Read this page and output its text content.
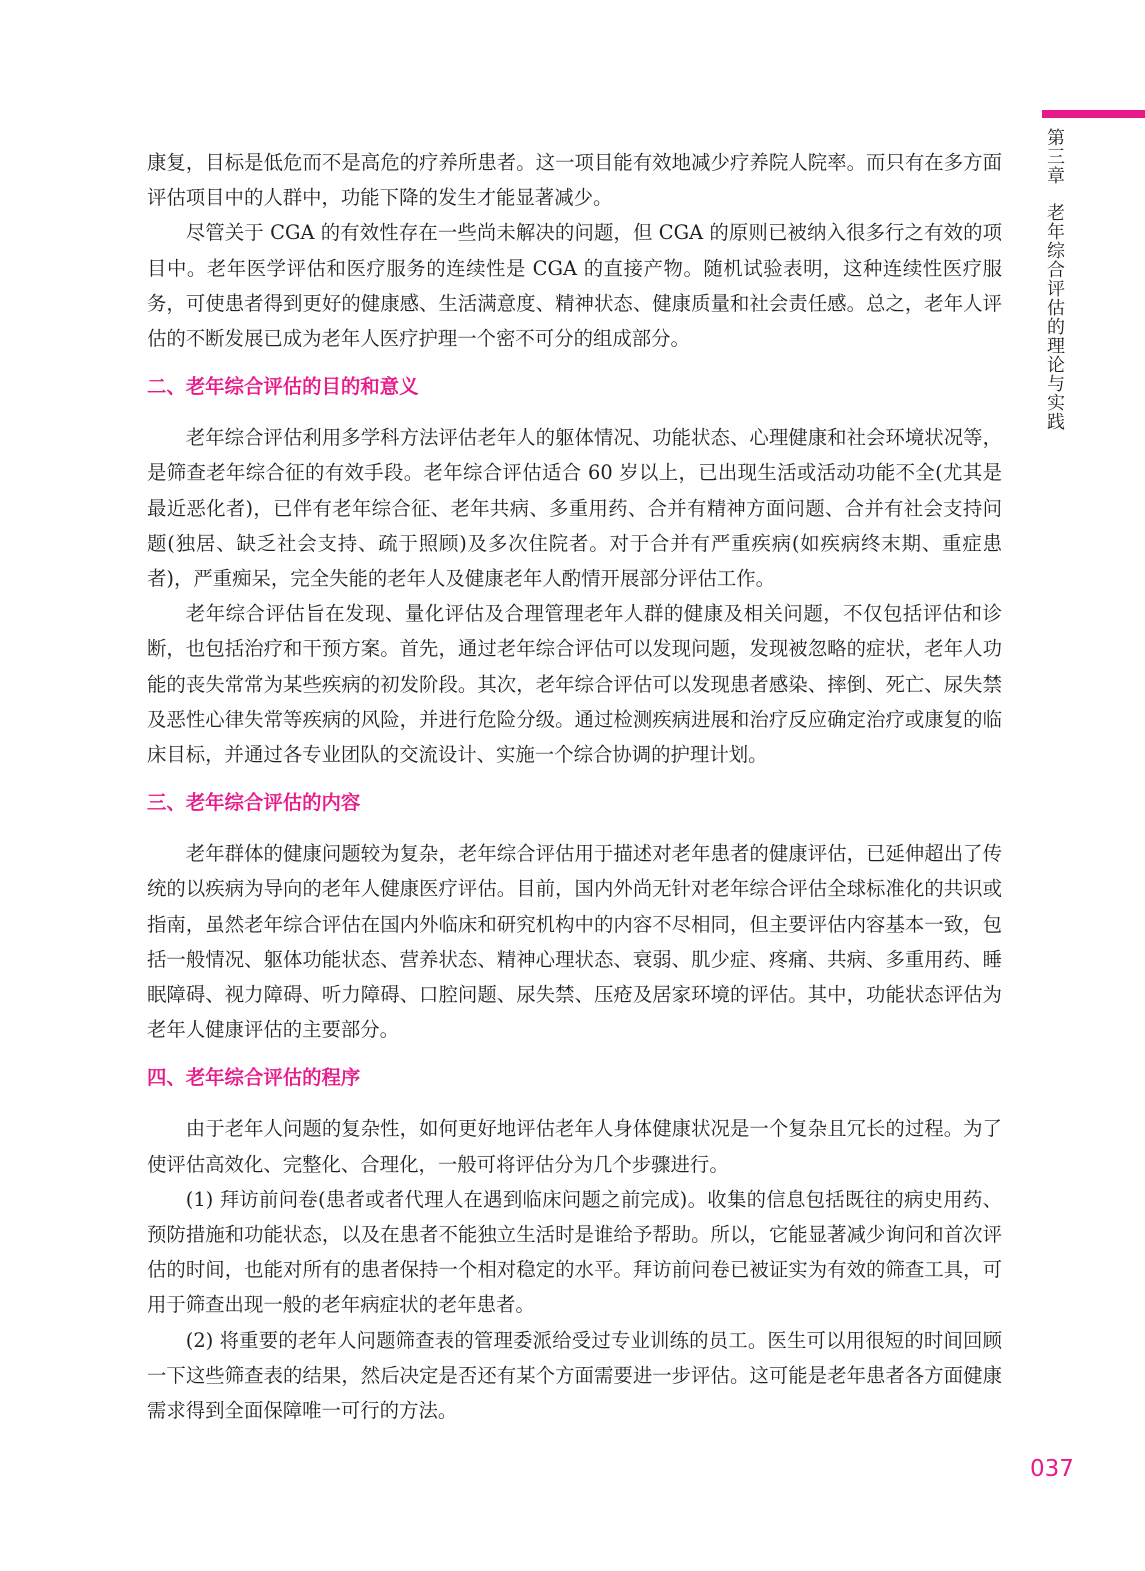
第三章老年综合评估的理论与实践

康复，目标是低危而不是高危的疗养所患者。这一项目能有效地减少疗养院人院率。而只有在多方面评估项目中的人群中，功能下降的发生才能显著减少。

尽管关于 CGA 的有效性存在一些尚未解决的问题，但 CGA 的原则已被纳入很多行之有效的项目中。老年医学评估和医疗服务的连续性是 CGA 的直接产物。随机试验表明，这种连续性医疗服务，可使患者得到更好的健康感、生活满意度、精神状态、健康质量和社会责任感。总之，老年人评估的不断发展已成为老年人医疗护理一个密不可分的组成部分。

二、老年综合评估的目的和意义

老年综合评估利用多学科方法评估老年人的躯体情况、功能状态、心理健康和社会环境状况等，是筛查老年综合征的有效手段。老年综合评估适合 60 岁以上，已出现生活或活动功能不全(尤其是最近恶化者)，已伴有老年综合征、老年共病、多重用药、合并有精神方面问题、合并有社会支持问题(独居、缺乏社会支持、疏于照顾)及多次住院者。对于合并有严重疾病(如疾病终末期、重症患者)，严重痴呆，完全失能的老年人及健康老年人酌情开展部分评估工作。

老年综合评估旨在发现、量化评估及合理管理老年人群的健康及相关问题，不仅包括评估和诊断，也包括治疗和干预方案。首先，通过老年综合评估可以发现问题，发现被忽略的症状，老年人功能的丧失常常为某些疾病的初发阶段。其次，老年综合评估可以发现患者感染、摔倒、死亡、尿失禁及恶性心律失常等疾病的风险，并进行危险分级。通过检测疾病进展和治疗反应确定治疗或康复的临床目标，并通过各专业团队的交流设计、实施一个综合协调的护理计划。

三、老年综合评估的内容

老年群体的健康问题较为复杂，老年综合评估用于描述对老年患者的健康评估，已延伸超出了传统的以疾病为导向的老年人健康医疗评估。目前，国内外尚无针对老年综合评估全球标准化的共识或指南，虽然老年综合评估在国内外临床和研究机构中的内容不尽相同，但主要评估内容基本一致，包括一般情况、躯体功能状态、营养状态、精神心理状态、衰弱、肌少症、疼痛、共病、多重用药、睡眠障碍、视力障碍、听力障碍、口腔问题、尿失禁、压疮及居家环境的评估。其中，功能状态评估为老年人健康评估的主要部分。

四、老年综合评估的程序

由于老年人问题的复杂性，如何更好地评估老年人身体健康状况是一个复杂且冗长的过程。为了使评估高效化、完整化、合理化，一般可将评估分为几个步骤进行。

(1) 拜访前问卷(患者或者代理人在遇到临床问题之前完成)。收集的信息包括既往的病史用药、预防措施和功能状态，以及在患者不能独立生活时是谁给予帮助。所以，它能显著减少询问和首次评估的时间，也能对所有的患者保持一个相对稳定的水平。拜访前问卷已被证实为有效的筛查工具，可用于筛查出现一般的老年病症状的老年患者。

(2) 将重要的老年人问题筛查表的管理委派给受过专业训练的员工。医生可以用很短的时间回顾一下这些筛查表的结果，然后决定是否还有某个方面需要进一步评估。这可能是老年患者各方面健康需求得到全面保障唯一可行的方法。

037
